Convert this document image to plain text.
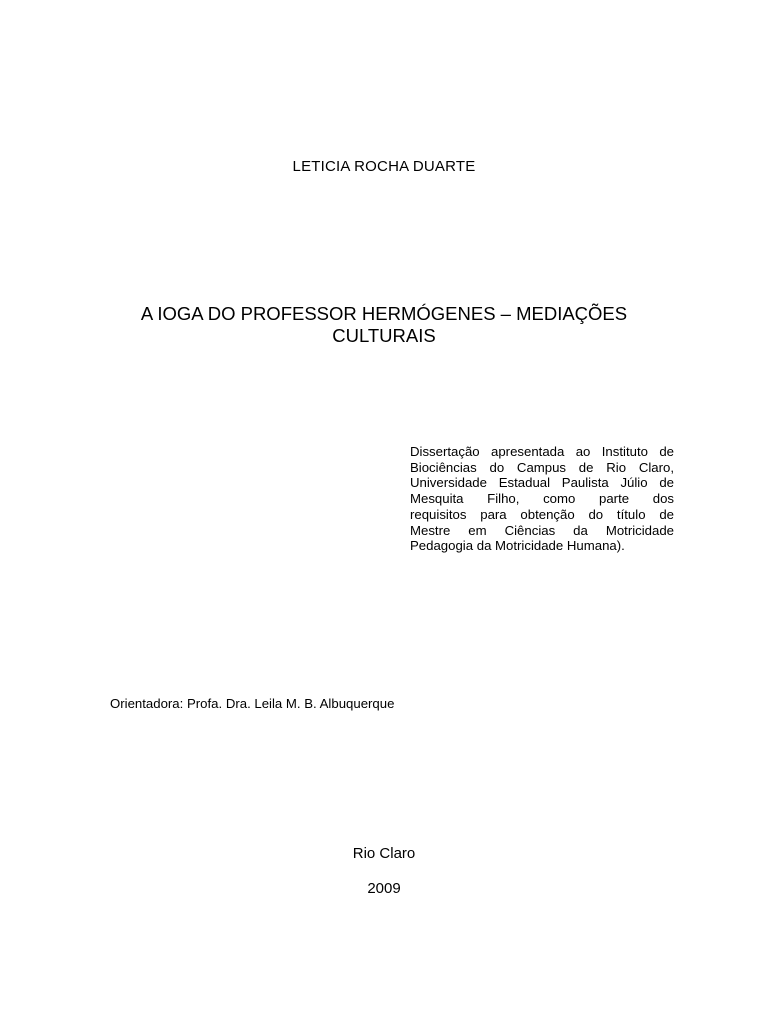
LETICIA ROCHA DUARTE
A IOGA DO PROFESSOR HERMÓGENES – MEDIAÇÕES
CULTURAIS
Dissertação apresentada ao Instituto de
Biociências do Campus de Rio Claro,
Universidade Estadual Paulista Júlio de
Mesquita Filho, como parte dos
requisitos para obtenção do título de
Mestre em Ciências da Motricidade
Pedagogia da Motricidade Humana).
Orientadora: Profa. Dra. Leila M. B. Albuquerque
Rio Claro
2009
